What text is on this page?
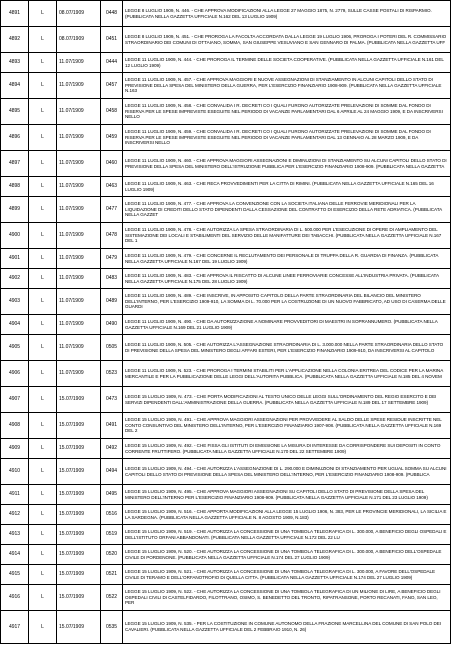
4891	L	08.07/1909	0448
LEGGE 8 LUGLIO 1909, N. 446. - CHE APPROVA MODIFICAZIONI ALLA LEGGE 27 MAGGIO 1875, N. 2779, SULLE CASSE POSTALI DI RISPARMIO. (PUBBLICATA NELLA GAZZETTA UFFICIALE N.162 DEL 13 LUGLIO 1909)
4892	L	08.07/1909	0451
LEGGE 8 LUGLIO 1909, N. 451. - CHE PROROGA LA FACOLTA ACCORDATA DALLA LEGGE 19 LUGLIO 1906, PROROGA I POTERI DEL R. COMMISSARIO STRAORDINARIO DEI COMUNI DI OTTAIANO, SOMMA, SAN GIUSEPPE VESUVIANO E SAN GENNARO DI PALMA. (PUBBLICATA NELLA GAZZETTA UFF
4893	L	11.07/1909	0444
LEGGE 11 LUGLIO 1909, N. 444. - CHE PROROGA IL TERMINE DELLE SOCIETA COOPERATIVE. (PUBBLICATA NELLA GAZZETTA UFFICIALE N.161 DEL 12 LUGLIO 1909)
4894	L	11.07/1909	0457
LEGGE 11 LUGLIO 1909, N. 457. - CHE APPROVA MAGGIORI E NUOVE ASSEGNAZIONI DI STANZIAMENTO IN ALCUNI CAPITOLI DELLO STATO DI PREVISIONE DELLA SPESA DEL MINISTERO DELLA GUERRA, PER L'ESERCIZIO FINANZIARIO 1908-909. (PUBBLICATA NELLA GAZZETTA UFFICIALE N.163
4895	L	11.07/1909	0458
LEGGE 11 LUGLIO 1909, N. 458. - CHE CONVALIDA I R. DECRETI CO I QUALI FURONO AUTORIZZATE PRELEVAZIONI DI SOMME DAL FONDO DI RISERVA PER LE SPESE IMPREVISTE ESEGUITE NEL PERIODO DI VACANZE PARLAMENTARI DAL 6 APRILE AL 24 MAGGIO 1909, E DA INSCRIVERSI NELLO
4896	L	11.07/1909	0459
LEGGE 11 LUGLIO 1909, N. 459. - CHE CONVALIDA I R. DECRETI CO I QUALI FURONO AUTORIZZATE PRELEVAZIONI DI SOMME DAL FONDO DI RISERVA PER LE SPESE IMPREVISTE ESEGUITE NEL PERIODO DI VACANZE PARLAMENTARI DAL 13 GENNAIO AL 28 MARZO 1909, E DA INSCRIVERSI NELLO
4897	L	11.07/1909	0460
LEGGE 11 LUGLIO 1909, N. 460. - CHE APPROVA MAGGIORI ASSEGNAZIONI E DIMINUZIONI DI STANZIAMENTO SU ALCUNI CAPITOLI DELLO STATO DI PREVISIONE DELLA SPESA DEL MINISTERO DELL'ISTRUZIONE PUBBLICA PER L'ESERCIZIO FINANZIARIO 1908-909. (PUBBLICATA NELLA GAZZETTA
4898	L	11.07/1909	0463
LEGGE 11 LUGLIO 1909, N. 463. - CHE RECA PROVVEDIMENTI PER LA CITTA DI RIMINI. (PUBBLICATA NELLA GAZZETTA UFFICIALE N.165 DEL 16 LUGLIO 1909)
4899	L	11.07/1909	0477
LEGGE 11 LUGLIO 1909, N. 477. - CHE APPROVA LA CONVENZIONE CON LA SOCIETA ITALIANA DELLE FERROVIE MERIDIONALI PER LA LIQUIDAZIONE DI CREDITI DELLO STATO DIPENDENTI DALLA CESSAZIONE DEL CONTRATTO DI ESERCIZIO DELLA RETE ADRIATICA. (PUBBLICATA NELLA GAZZET
4900	L	11.07/1909	0478
LEGGE 11 LUGLIO 1909, N. 478. - CHE AUTORIZZA LA SPESA STRAORDINARIA DI L. 500.000 PER L'ESECUZIONE DI OPERE DI AMPLIAMENTO DEL SISTEMAZIONE DEI LOCALI E STABILIMENTI DEL SERVIZIO DELLE MANIFATTURE DEI TABACCHI. (PUBBLICATA NELLA GAZZETTA UFFICIALE N.167 DEL 1
4901	L	11.07/1909	0479
LEGGE 11 LUGLIO 1909, N. 479. - CHE CONCERNE IL RECLUTAMENTO DEI PERSONALE DI TRUPPA DELLA R. GUARDIA DI FINANZA. (PUBBLICATA NELLA GAZZETTA UFFICIALE N.167 DEL 19 LUGLIO 1909)
4902	L	11.07/1909	0483
LEGGE 11 LUGLIO 1909, N. 483. - CHE APPROVA IL RISCATTO DI ALCUNE LINEE FERROVIARIE CONCESSE ALL'INDUSTRIA PRIVATA. (PUBBLICATA NELLA GAZZETTA UFFICIALE N.175 DEL 28 LUGLIO 1909)
4903	L	11.07/1909	0489
LEGGE 11 LUGLIO 1909, N. 489. - CHE INSCRIVE, IN APPOSITO CAPITOLO DELLA PARTE STRAORDINARIA DEL BILANCIO DEL MINISTERO DELL'INTERNO, PER L'ESERCIZIO 1909-910, LA SOMMA DI L. 70.000 PER LA COSTRUZIONE DI UN NUOVO FABBRICATO, AD USO DI CASERMA DELLE GUARDI
4904	L	11.07/1909	0490
LEGGE 11 LUGLIO 1909, N. 490. - CHE DA AUTORIZZAZIONE A NOMINARE PROVVEDITORI DI MAESTRI IN SOPRANNUMERO. (PUBBLICATA NELLA GAZZETTA UFFICIALE N.169 DEL 21 LUGLIO 1909)
4905	L	11.07/1909	0505
LEGGE 11 LUGLIO 1909, N. 505. - CHE AUTORIZZA L'ASSEGNAZIONE STRAORDINARIA DI L. 3.000.000 NELLA PARTE STRAORDINARIA DELLO STATO DI PREVISIONE DELLA SPESA DEL MINISTERO DEGLI AFFARI ESTERI, PER L'ESERCIZIO FINANZIARIO 1909-910, DA INSCRIVERSI AL CAPITOLO
4906	L	11.07/1909	0523
LEGGE 11 LUGLIO 1909, N. 523. - CHE PROROGA I TERMINI STABILITI PER L'APPLICAZIONE NELLA COLONIA ERITREA DEL CODICE PER LA MARINA MERCANTILE E PER LA PUBBLICAZIONE DELLE LEGGI DELL'AUTORITA PUBBLICA. (PUBBLICATA NELLA GAZZETTA UFFICIALE N.185 DEL 4 NOVEM
4907	L	15.07/1909	0473
LEGGE 15 LUGLIO 1909, N. 473. - CHE PORTA MODIFICAZIONI AL TESTO UNICO DELLE LEGGI SULL'ORDINAMENTO DEL REGIO ESERCITO E DEI SERVIZI DIPENDENTI DALL'AMMINISTRAZIONE DELLA GUERRA. (PUBBLICATA NELLA GAZZETTA UFFICIALE N.189 DEL 17 SETTEMBRE 1909)
4908	L	15.07/1909	0491
LEGGE 15 LUGLIO 1909, N. 491. - CHE APPROVA MAGGIORI ASSEGNAZIONI PER PROVVEDERE AL SALDO DELLE SPESE RESIDUE INSCRITTE NEL CONTO CONSUNTIVO DEL MINISTERO DELL'INTERNO, PER L'ESERCIZIO FINANZIARIO 1907-908. (PUBBLICATA NELLA GAZZETTA UFFICIALE N.169 DEL 2
4909	L	15.07/1909	0492
LEGGE 15 LUGLIO 1909, N. 492. - CHE FISSA GLI ISTITUTI DI EMISSIONE LA MISURA DI INTERESSE DA CORRISPONDERE SUI DEPOSITI IN CONTO CORRENTE FRUTTIFERO. (PUBBLICATA NELLA GAZZETTA UFFICIALE N.170 DEL 22 SETTEMBRE 1909)
4910	L	15.07/1909	0494
LEGGE 15 LUGLIO 1909, N. 494. - CHE AUTORIZZA L'ASSEGNAZIONE DI L. 290.000 E DIMINUZIONI DI STANZIAMENTO PER UGUAL SOMMA SU ALCUNI CAPITOLI DELLO STATO DI PREVISIONE DELLA SPESA DEL MINISTERO DELL'INTERNO, PER L'ESERCIZIO FINANZIARIO 1908-909. (PUBBLICA
4911	L	15.07/1909	0495
LEGGE 15 LUGLIO 1909, N. 495. - CHE APPROVA MAGGIORI ASSEGNAZIONI SU CAPITOLI DELLO STATO DI PREVISIONE DELLA SPESA DEL MINISTERO DELL'INTERNO PER L'ESERCIZIO FINANZIARIO 1908-909. (PUBBLICATA NELLA GAZZETTA UFFICIALE N.171 DEL 23 LUGLIO 1909)
4912	L	15.07/1909	0516
LEGGE 15 LUGLIO 1909, N. 516. - CHE APPORTA MODIFICAZIONI ALLA LEGGE 15 LUGLIO 1906, N. 383, PER LE PROVINCIE MERIDIONALI, LA SICILIA E LA SARDEGNA. (PUBBLICATA NELLA GAZZETTA UFFICIALE N. 8 AGOSTO 1909, N.183)
4913	L	15.07/1909	0519
LEGGE 15 LUGLIO 1909, N. 519. - CHE AUTORIZZA LA CONCESSIONE DI UNA TOMBOLA TELEGRAFICA DI L. 300.000, A BENEFICIO DEGLI OSPEDALI E DELL'ISTITUTO ORFANI ABBANDONATI. (PUBBLICATA NELLA GAZZETTA UFFICIALE N.172 DEL 22 LU
4914	L	15.07/1909	0520
LEGGE 15 LUGLIO 1909, N. 520. - CHE AUTORIZZA LA CONCESSIONE DI UNA TOMBOLA TELEGRAFICA DI L. 300.000, A BENEFICIO DELL'OSPEDALE CIVILE DI PORDENONE. (PUBBLICATA NELLA GAZZETTA UFFICIALE N.174 DEL 27 LUGLIO 1909)
4915	L	15.07/1909	0521
LEGGE 15 LUGLIO 1909, N. 521. - CHE AUTORIZZA LA CONCESSIONE DI UNA TOMBOLA TELEGRAFICA DI L. 300.000, A FAVORE DELL'OSPEDALE CIVILE DI TERAMO E DELL'ORFANOTROFIO DI QUELLA CITTA. (PUBBLICATA NELLA GAZZETTA UFFICIALE N.174 DEL 27 LUGLIO 1909)
4916	L	15.07/1909	0522
LEGGE 15 LUGLIO 1909, N. 522. - CHE AUTORIZZA LA CONCESSIONE DI UNA TOMBOLA TELEGRAFICA DI UN MILIONE DI LIRE, A BENEFICIO DEGLI OSPEDALI CIVILI DI CASTELFIDARDO, FILOTTRANO, OSIMO, S. BENEDETTO DEL TRONTO, RIPATRANSONE, PORTO RECANATI, FANO, SAN LEO, PER
4917	L	15.07/1909	0535
LEGGE 15 LUGLIO 1909, N. 535. - PER LA COSTITUZIONE IN COMUNE AUTONOMO DELLA FRAZIONE MARCELLINA DEL COMUNE DI SAN POLO DEI CAVALIERI. (PUBBLICATA NELLA GAZZETTA UFFICIALE DEL 2 FEBBRAIO 1910, N. 26)
